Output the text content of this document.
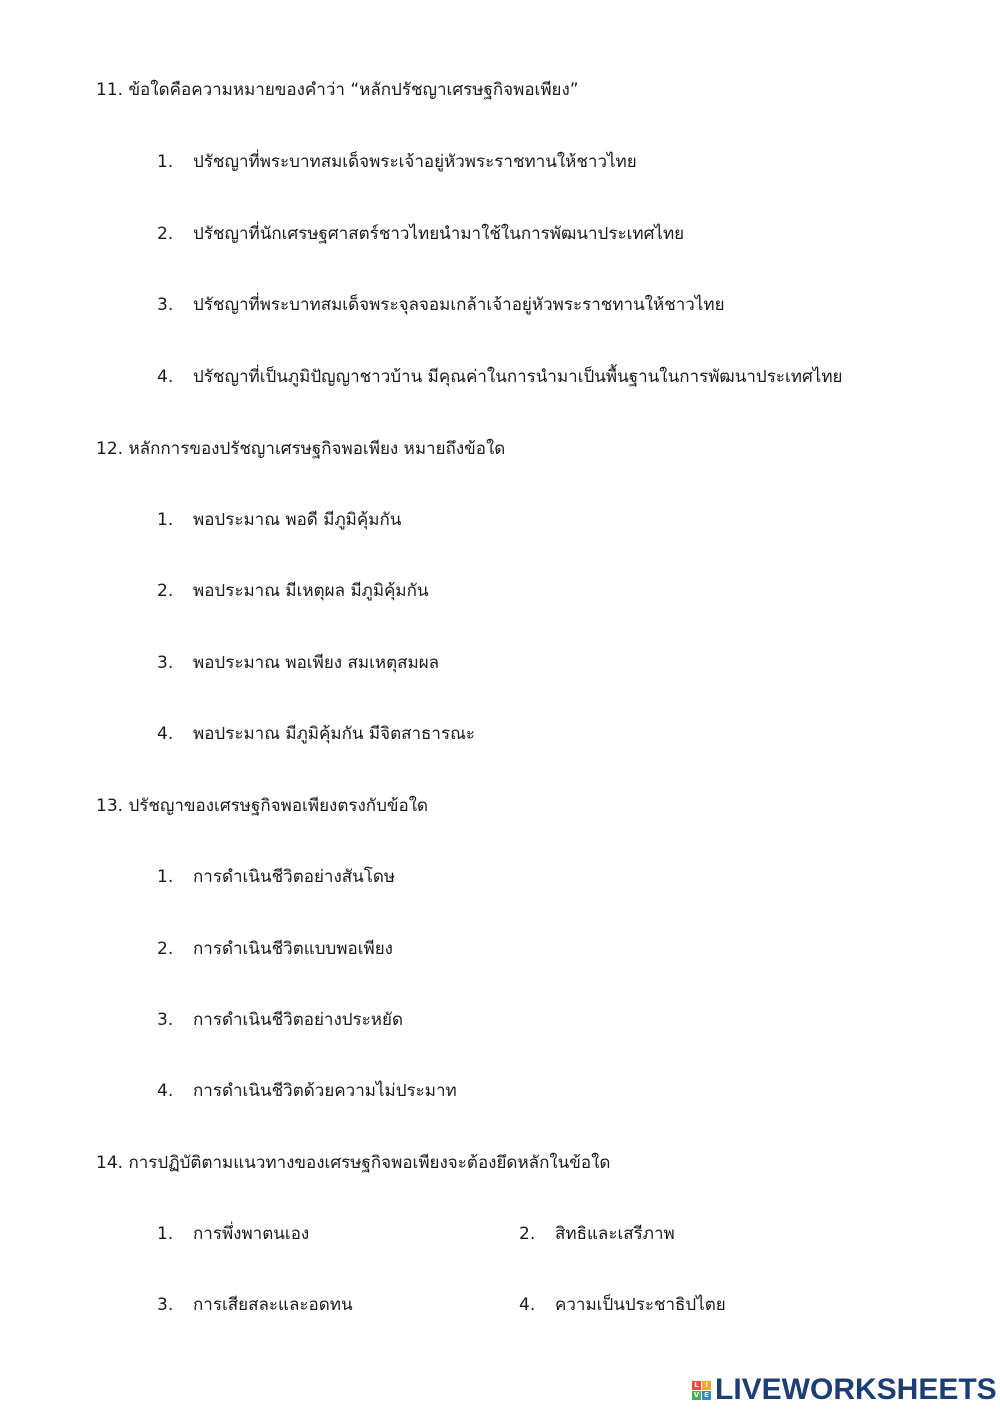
11. ข้อใดคือความหมายของคำว่า “หลักปรัชญาเศรษฐกิจพอเพียง”
1. ปรัชญาที่พระบาทสมเด็จพระเจ้าอยู่หัวพระราชทานให้ชาวไทย
2. ปรัชญาที่นักเศรษฐศาสตร์ชาวไทยนำมาใช้ในการพัฒนาประเทศไทย
3. ปรัชญาที่พระบาทสมเด็จพระจุลจอมเกล้าเจ้าอยู่หัวพระราชทานให้ชาวไทย
4. ปรัชญาที่เป็นภูมิปัญญาชาวบ้าน มีคุณค่าในการนำมาเป็นพื้นฐานในการพัฒนาประเทศไทย
12. หลักการของปรัชญาเศรษฐกิจพอเพียง หมายถึงข้อใด
1. พอประมาณ พอดี มีภูมิคุ้มกัน
2. พอประมาณ มีเหตุผล มีภูมิคุ้มกัน
3. พอประมาณ พอเพียง สมเหตุสมผล
4. พอประมาณ มีภูมิคุ้มกัน มีจิตสาธารณะ
13. ปรัชญาของเศรษฐกิจพอเพียงตรงกับข้อใด
1. การดำเนินชีวิตอย่างสันโดษ
2. การดำเนินชีวิตแบบพอเพียง
3. การดำเนินชีวิตอย่างประหยัด
4. การดำเนินชีวิตด้วยความไม่ประมาท
14. การปฏิบัติตามแนวทางของเศรษฐกิจพอเพียงจะต้องยึดหลักในข้อใด
1. การพึ่งพาตนเอง	2. สิทธิและเสรีภาพ
3. การเสียสละและอดทน	4. ความเป็นประชาธิปไตย
L I
V E LIVEWORKSHEETS
